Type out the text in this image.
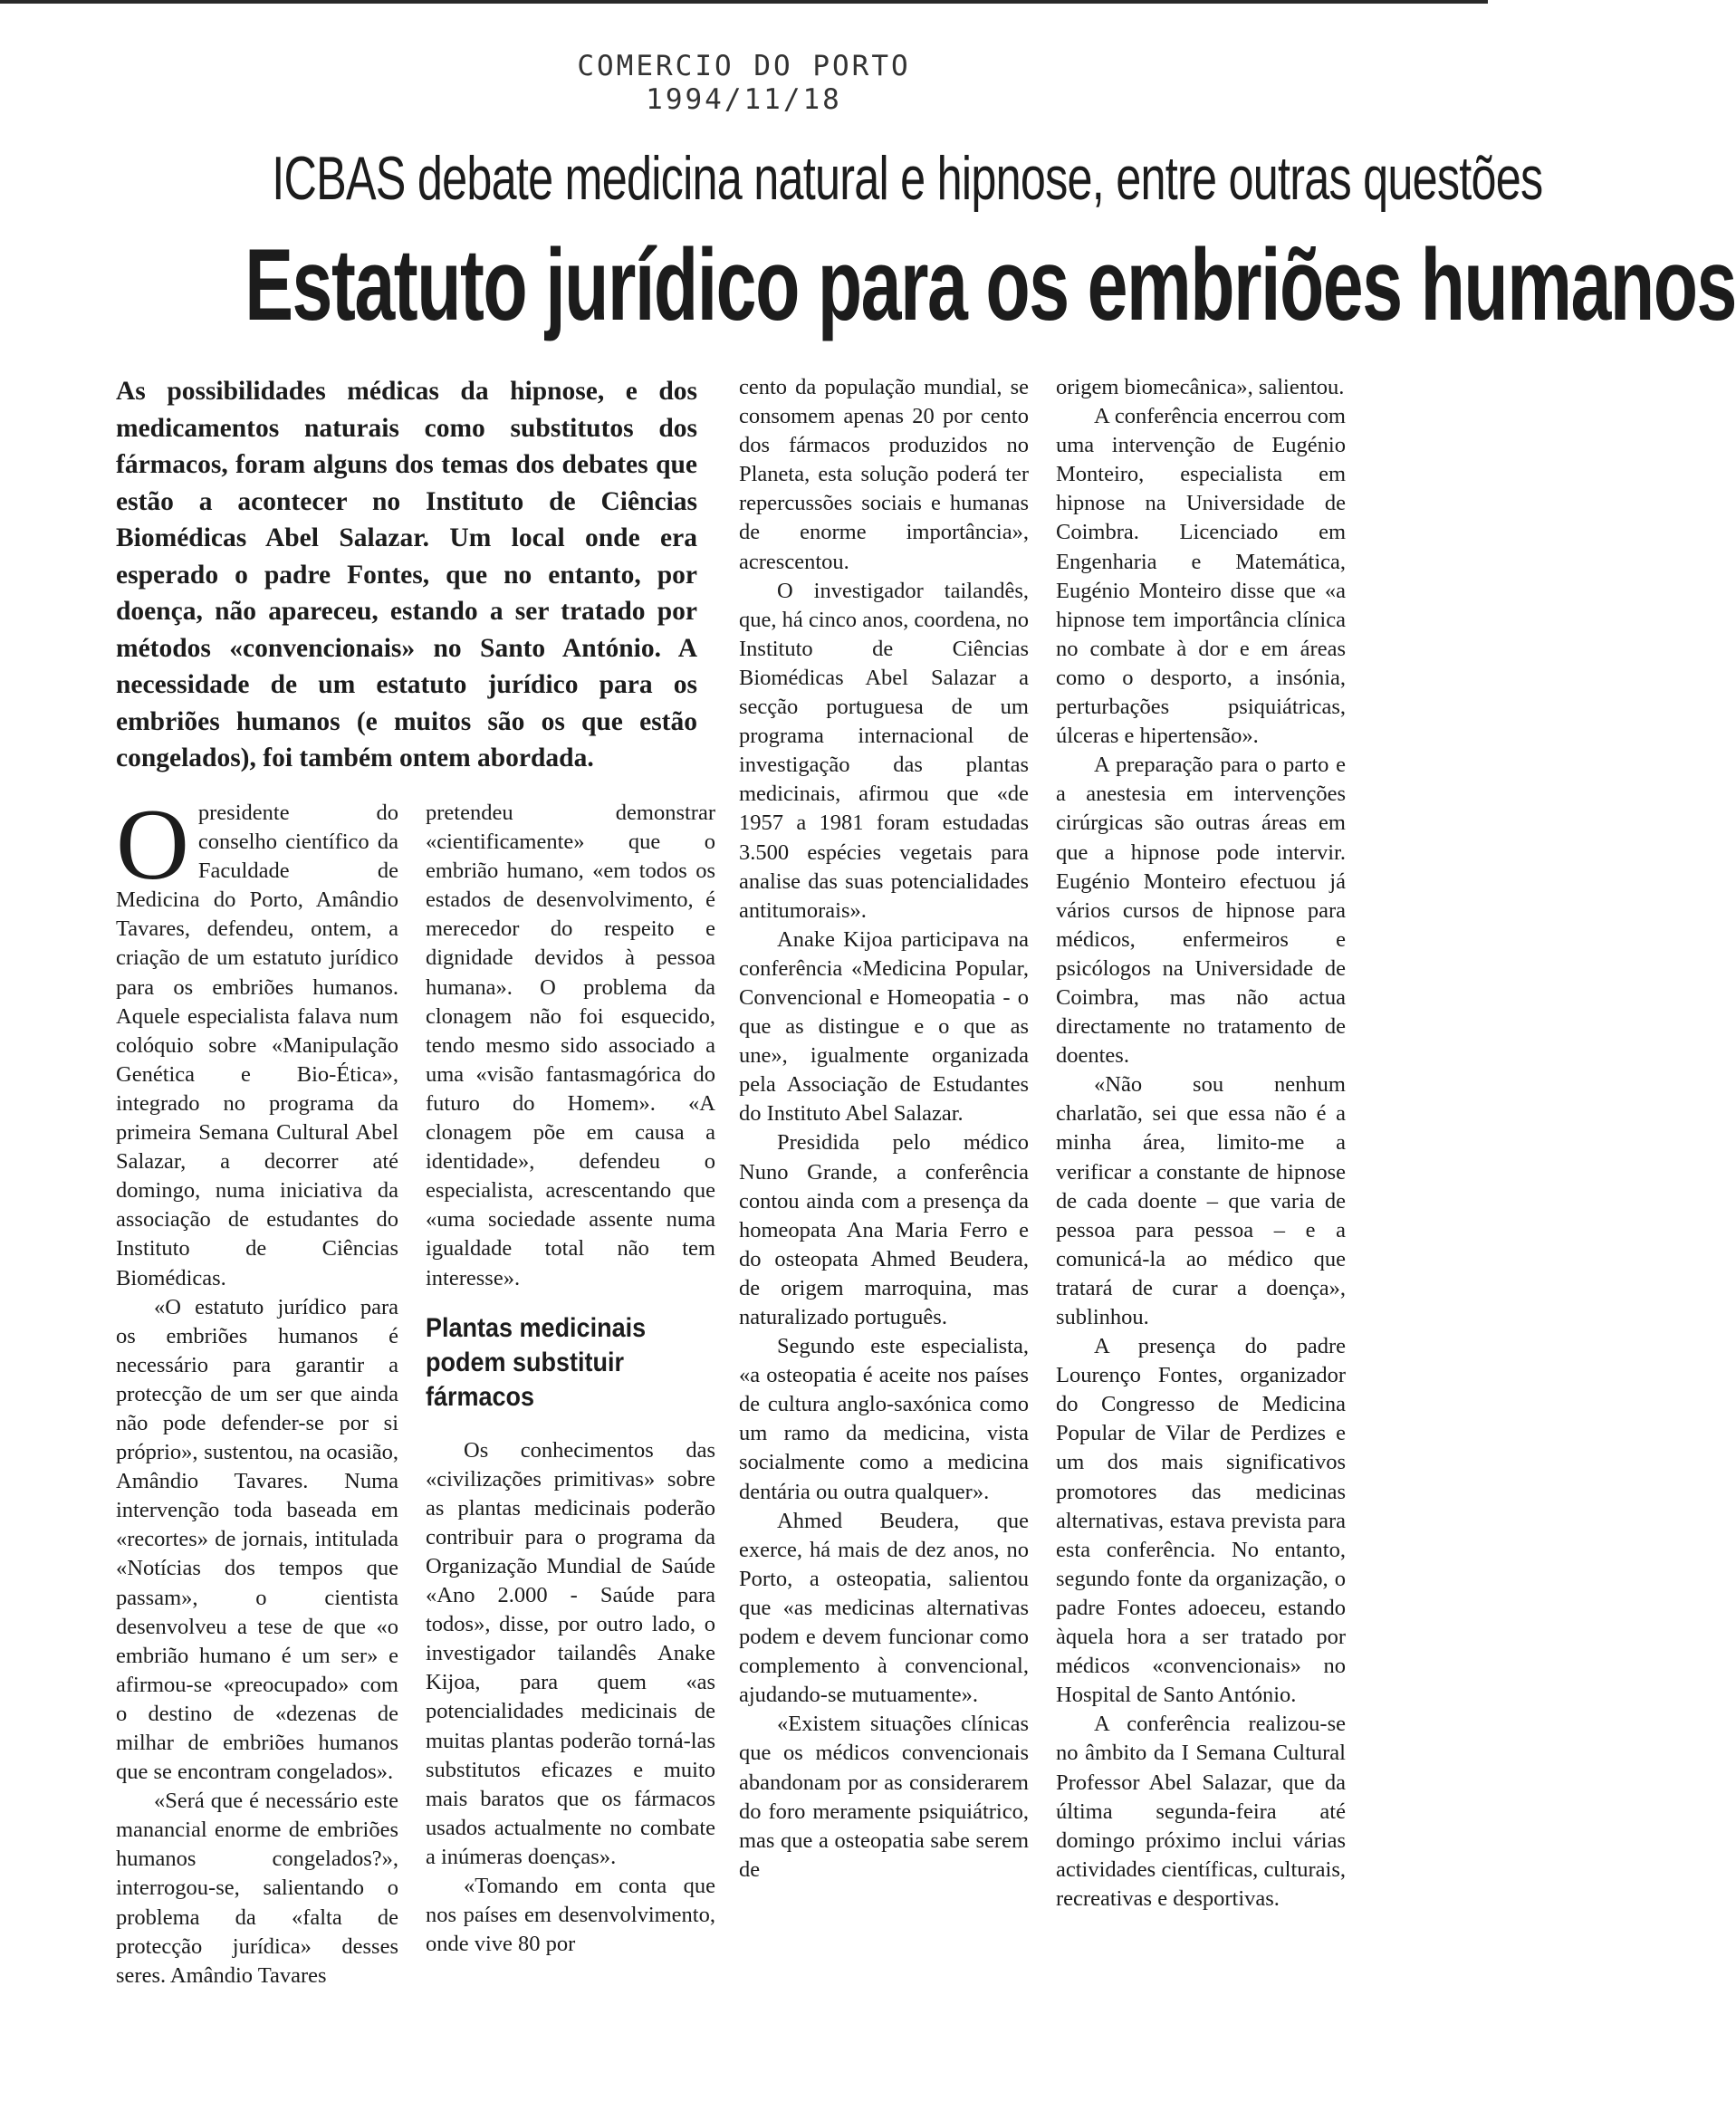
COMERCIO DO PORTO
1994/11/18
ICBAS debate medicina natural e hipnose, entre outras questões
Estatuto jurídico para os embriões humanos

As possibilidades médicas da hipnose, e dos medicamentos naturais como substitutos dos fármacos, foram alguns dos temas dos debates que estão a acontecer no Instituto de Ciências Biomédicas Abel Salazar. Um local onde era esperado o padre Fontes, que no entanto, por doença, não apareceu, estando a ser tratado por métodos «convencionais» no Santo António. A necessidade de um estatuto jurídico para os embriões humanos (e muitos são os que estão congelados), foi também ontem abordada.

Opresidente do conselho científico da Faculdade de Medicina do Porto, Amândio Tavares, defendeu, ontem, a criação de um estatuto jurídico para os embriões humanos. Aquele especialista falava num colóquio sobre «Manipulação Genética e Bio-Ética», integrado no programa da primeira Semana Cultural Abel Salazar, a decorrer até domingo, numa iniciativa da associação de estudantes do Instituto de Ciências Biomédicas.

«O estatuto jurídico para os embriões humanos é necessário para garantir a protecção de um ser que ainda não pode defender-se por si próprio», sustentou, na ocasião, Amândio Tavares. Numa intervenção toda baseada em «recortes» de jornais, intitulada «Notícias dos tempos que passam», o cientista desenvolveu a tese de que «o embrião humano é um ser» e afirmou-se «preocupado» com o destino de «dezenas de milhar de embriões humanos que se encontram congelados».

«Será que é necessário este manancial enorme de embriões humanos congelados?», interrogou-se, salientando o problema da «falta de protecção jurídica» desses seres. Amândio Tavares

pretendeu demonstrar «cientificamente» que o embrião humano, «em todos os estados de desenvolvimento, é merecedor do respeito e dignidade devidos à pessoa humana». O problema da clonagem não foi esquecido, tendo mesmo sido associado a uma «visão fantasmagórica do futuro do Homem». «A clonagem põe em causa a identidade», defendeu o especialista, acrescentando que «uma sociedade assente numa igualdade total não tem interesse».

Plantas medicinais podem substituir fármacos

Os conhecimentos das «civilizações primitivas» sobre as plantas medicinais poderão contribuir para o programa da Organização Mundial de Saúde «Ano 2.000 - Saúde para todos», disse, por outro lado, o investigador tailandês Anake Kijoa, para quem «as potencialidades medicinais de muitas plantas poderão torná-las substitutos eficazes e muito mais baratos que os fármacos usados actualmente no combate a inúmeras doenças».

«Tomando em conta que nos países em desenvolvimento, onde vive 80 por

cento da população mundial, se consomem apenas 20 por cento dos fármacos produzidos no Planeta, esta solução poderá ter repercussões sociais e humanas de enorme importância», acrescentou.

O investigador tailandês, que, há cinco anos, coordena, no Instituto de Ciências Biomédicas Abel Salazar a secção portuguesa de um programa internacional de investigação das plantas medicinais, afirmou que «de 1957 a 1981 foram estudadas 3.500 espécies vegetais para analise das suas potencialidades antitumorais».

Anake Kijoa participava na conferência «Medicina Popular, Convencional e Homeopatia - o que as distingue e o que as une», igualmente organizada pela Associação de Estudantes do Instituto Abel Salazar.

Presidida pelo médico Nuno Grande, a conferência contou ainda com a presença da homeopata Ana Maria Ferro e do osteopata Ahmed Beudera, de origem marroquina, mas naturalizado português.

Segundo este especialista, «a osteopatia é aceite nos países de cultura anglo-saxónica como um ramo da medicina, vista socialmente como a medicina dentária ou outra qualquer».

Ahmed Beudera, que exerce, há mais de dez anos, no Porto, a osteopatia, salientou que «as medicinas alternativas podem e devem funcionar como complemento à convencional, ajudando-se mutuamente».

«Existem situações clínicas que os médicos convencionais abandonam por as considerarem do foro meramente psiquiátrico, mas que a osteopatia sabe serem de

origem biomecânica», salientou.

A conferência encerrou com uma intervenção de Eugénio Monteiro, especialista em hipnose na Universidade de Coimbra. Licenciado em Engenharia e Matemática, Eugénio Monteiro disse que «a hipnose tem importância clínica no combate à dor e em áreas como o desporto, a insónia, perturbações psiquiátricas, úlceras e hipertensão».

A preparação para o parto e a anestesia em intervenções cirúrgicas são outras áreas em que a hipnose pode intervir. Eugénio Monteiro efectuou já vários cursos de hipnose para médicos, enfermeiros e psicólogos na Universidade de Coimbra, mas não actua directamente no tratamento de doentes.

«Não sou nenhum charlatão, sei que essa não é a minha área, limito-me a verificar a constante de hipnose de cada doente – que varia de pessoa para pessoa – e a comunicá-la ao médico que tratará de curar a doença», sublinhou.

A presença do padre Lourenço Fontes, organizador do Congresso de Medicina Popular de Vilar de Perdizes e um dos mais significativos promotores das medicinas alternativas, estava prevista para esta conferência. No entanto, segundo fonte da organização, o padre Fontes adoeceu, estando àquela hora a ser tratado por médicos «convencionais» no Hospital de Santo António.

A conferência realizou-se no âmbito da I Semana Cultural Professor Abel Salazar, que da última segunda-feira até domingo próximo inclui várias actividades científicas, culturais, recreativas e desportivas.
